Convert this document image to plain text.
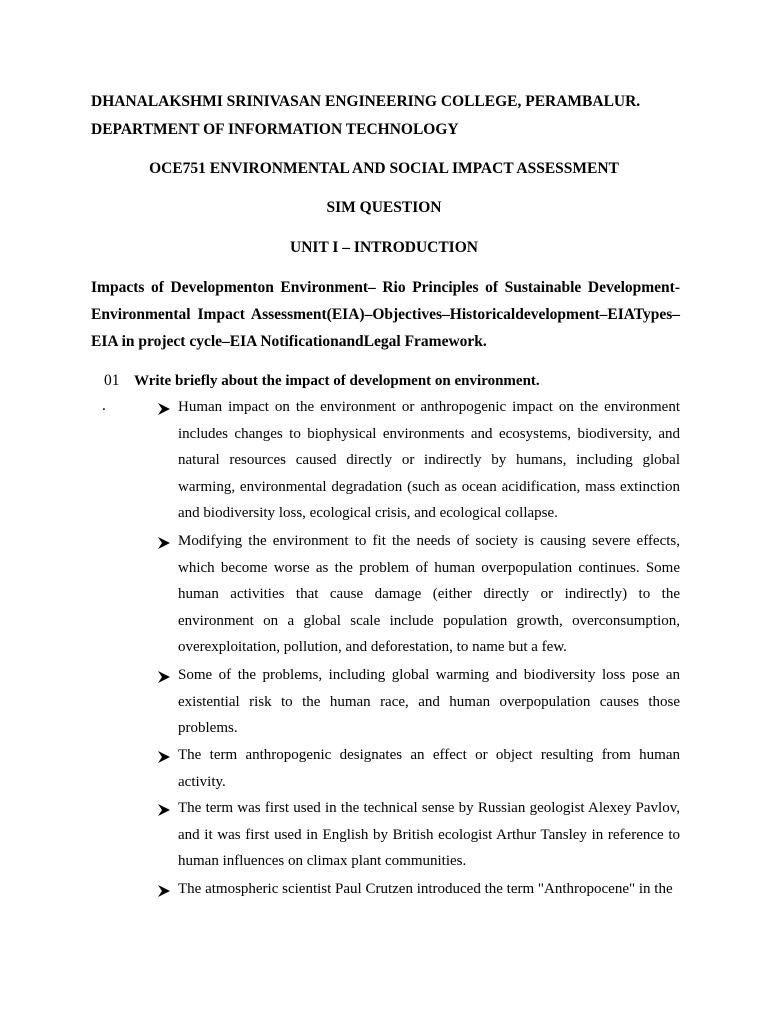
DHANALAKSHMI SRINIVASAN ENGINEERING COLLEGE, PERAMBALUR.
DEPARTMENT OF INFORMATION TECHNOLOGY
OCE751 ENVIRONMENTAL AND SOCIAL IMPACT ASSESSMENT
SIM QUESTION
UNIT I – INTRODUCTION
Impacts of Developmenton Environment– Rio Principles of Sustainable Development- Environmental Impact Assessment(EIA)–Objectives–Historicaldevelopment–EIATypes– EIA in project cycle–EIA NotificationandLegal Framework.
01
.
Write briefly about the impact of development on environment.
Human impact on the environment or anthropogenic impact on the environment includes changes to biophysical environments and ecosystems, biodiversity, and natural resources caused directly or indirectly by humans, including global warming, environmental degradation (such as ocean acidification, mass extinction and biodiversity loss, ecological crisis, and ecological collapse.
Modifying the environment to fit the needs of society is causing severe effects, which become worse as the problem of human overpopulation continues. Some human activities that cause damage (either directly or indirectly) to the environment on a global scale include population growth, overconsumption, overexploitation, pollution, and deforestation, to name but a few.
Some of the problems, including global warming and biodiversity loss pose an existential risk to the human race, and human overpopulation causes those problems.
The term anthropogenic designates an effect or object resulting from human activity.
The term was first used in the technical sense by Russian geologist Alexey Pavlov, and it was first used in English by British ecologist Arthur Tansley in reference to human influences on climax plant communities.
The atmospheric scientist Paul Crutzen introduced the term "Anthropocene" in the
